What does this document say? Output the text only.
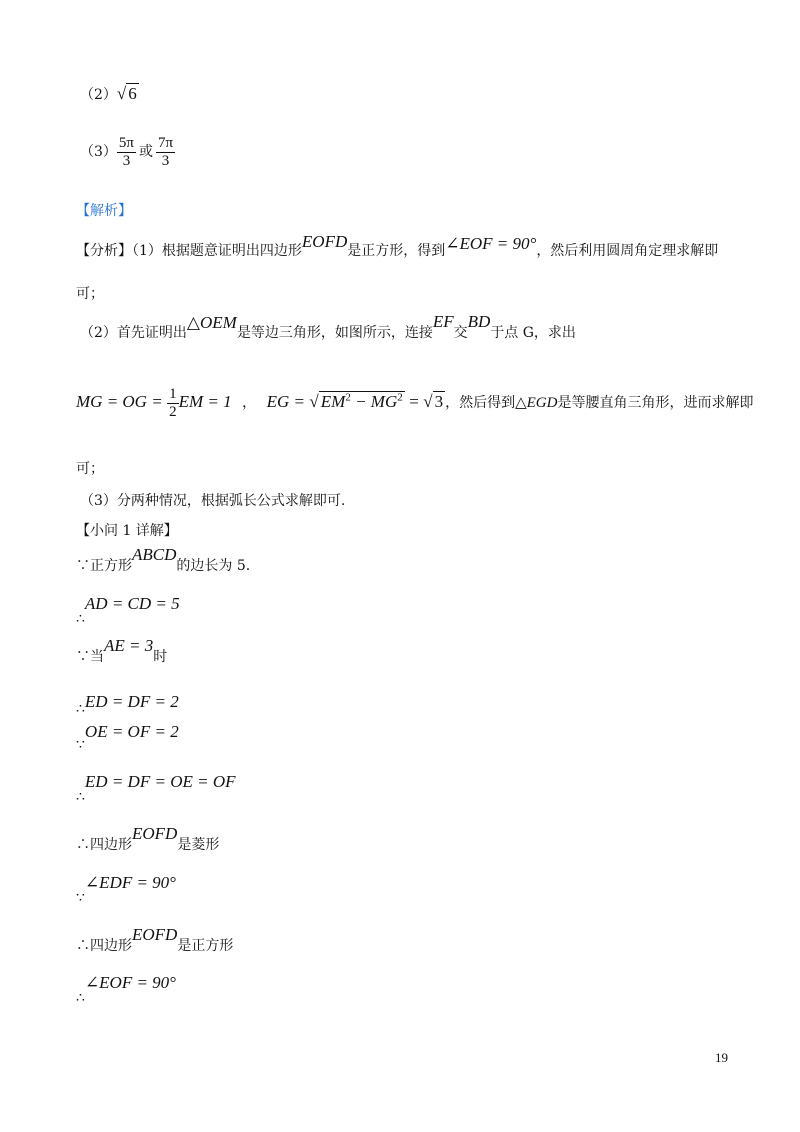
（2）√ 6
$(3) \frac{5\pi}{3}$ 或 $\frac{7\pi}{3}$
【解析】
【分析】（1）根据题意证明出四边形EOFD是正方形，得到∠EOF = 90°，然后利用圆周角定理求解即
可；
（2）首先证明出△OEM是等边三角形，如图所示，连接EF交BD于点 G，求出
MG = OG = $\frac{1}{2}$ EM = 1 ， EG = √ $EM^2 - MG^2$ = √ 3 ，然后得到△EGD是等腰直角三角形，进而求解即
可；
（3）分两种情况，根据弧长公式求解即可.
【小问 1 详解】
∵正方形ABCD的边长为 5.
∴AD = CD = 5
∵当AE = 3时
∴ED = DF = 2
∵OE = OF = 2
∴ED = DF = OE = OF
∴四边形EOFD是菱形
∵∠EDF = 90°
∴四边形EOFD是正方形
∴∠EOF = 90°
19
